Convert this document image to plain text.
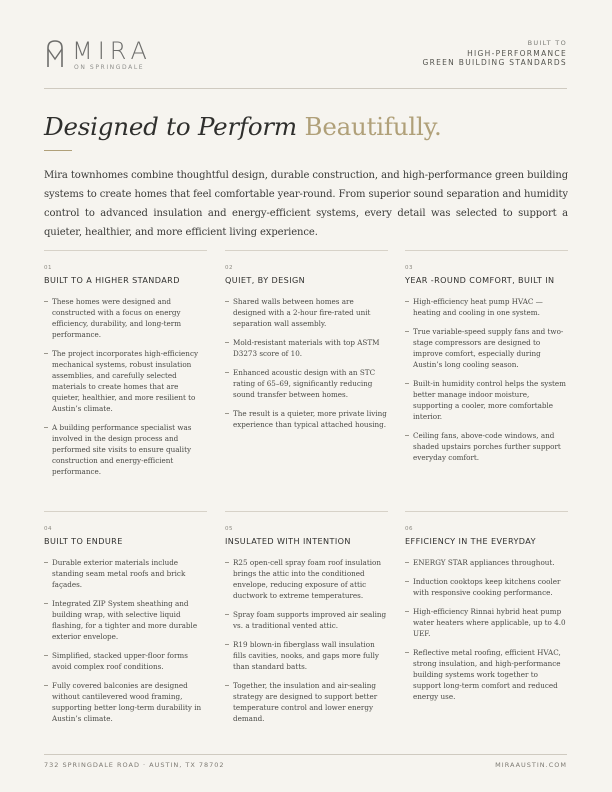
MIRA
ON SPRINGDALE
BUILT TO
HIGH-PERFORMANCE
GREEN BUILDING STANDARDS
Designed to Perform Beautifully.
Mira townhomes combine thoughtful design, durable construction, and high-performance green building systems to create homes that feel comfortable year-round. From superior sound separation and humidity control to advanced insulation and energy-efficient systems, every detail was selected to support a quieter, healthier, and more efficient living experience.
01
BUILT TO A HIGHER STANDARD
These homes were designed and constructed with a focus on energy efficiency, durability, and long-term performance.
The project incorporates high-efficiency mechanical systems, robust insulation assemblies, and carefully selected materials to create homes that are quieter, healthier, and more resilient to Austin’s climate.
A building performance specialist was involved in the design process and performed site visits to ensure quality construction and energy-efficient performance.
02
QUIET, BY DESIGN
Shared walls between homes are designed with a 2-hour fire-rated unit separation wall assembly.
Mold-resistant materials with top ASTM D3273 score of 10.
Enhanced acoustic design with an STC rating of 65–69, significantly reducing sound transfer between homes.
The result is a quieter, more private living experience than typical attached housing.
03
YEAR -ROUND COMFORT, BUILT IN
High-efficiency heat pump HVAC — heating and cooling in one system.
True variable-speed supply fans and two-stage compressors are designed to improve comfort, especially during Austin’s long cooling season.
Built-in humidity control helps the system better manage indoor moisture, supporting a cooler, more comfortable interior.
Ceiling fans, above-code windows, and shaded upstairs porches further support everyday comfort.
04
BUILT TO ENDURE
Durable exterior materials include standing seam metal roofs and brick façades.
Integrated ZIP System sheathing and building wrap, with selective liquid flashing, for a tighter and more durable exterior envelope.
Simplified, stacked upper-floor forms avoid complex roof conditions.
Fully covered balconies are designed without cantilevered wood framing, supporting better long-term durability in Austin’s climate.
05
INSULATED WITH INTENTION
R25 open-cell spray foam roof insulation brings the attic into the conditioned envelope, reducing exposure of attic ductwork to extreme temperatures.
Spray foam supports improved air sealing vs. a traditional vented attic.
R19 blown-in fiberglass wall insulation fills cavities, nooks, and gaps more fully than standard batts.
Together, the insulation and air-sealing strategy are designed to support better temperature control and lower energy demand.
06
EFFICIENCY IN THE EVERYDAY
ENERGY STAR appliances throughout.
Induction cooktops keep kitchens cooler with responsive cooking performance.
High-efficiency Rinnai hybrid heat pump water heaters where applicable, up to 4.0 UEF.
Reflective metal roofing, efficient HVAC, strong insulation, and high-performance building systems work together to support long-term comfort and reduced energy use.
732 SPRINGDALE ROAD · AUSTIN, TX 78702	MIRAAUSTIN.COM
